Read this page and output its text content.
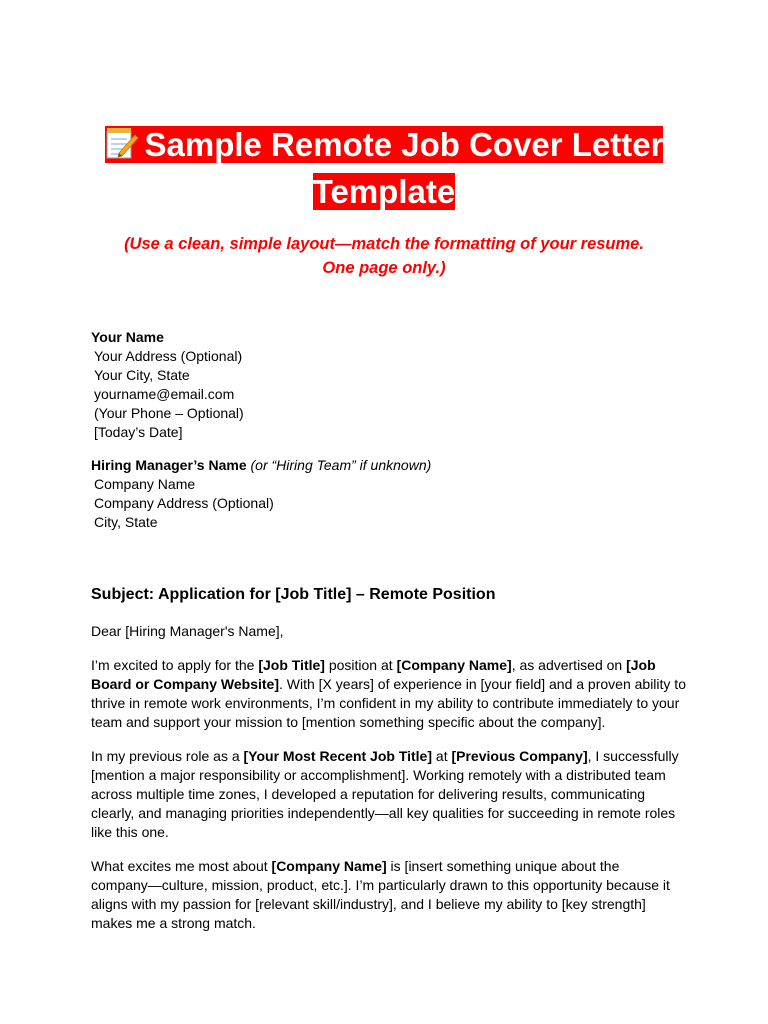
Sample Remote Job Cover Letter
Template
(Use a clean, simple layout—match the formatting of your resume.
One page only.)
Your Name
Your Address (Optional)
Your City, State
yourname@email.com
(Your Phone – Optional)
[Today’s Date]
Hiring Manager’s Name (or “Hiring Team” if unknown)
Company Name
Company Address (Optional)
City, State
Subject: Application for [Job Title] – Remote Position
Dear [Hiring Manager's Name],
I’m excited to apply for the [Job Title] position at [Company Name], as advertised on [Job
Board or Company Website]. With [X years] of experience in [your field] and a proven ability to
thrive in remote work environments, I’m confident in my ability to contribute immediately to your
team and support your mission to [mention something specific about the company].
In my previous role as a [Your Most Recent Job Title] at [Previous Company], I successfully
[mention a major responsibility or accomplishment]. Working remotely with a distributed team
across multiple time zones, I developed a reputation for delivering results, communicating
clearly, and managing priorities independently—all key qualities for succeeding in remote roles
like this one.
What excites me most about [Company Name] is [insert something unique about the
company—culture, mission, product, etc.]. I’m particularly drawn to this opportunity because it
aligns with my passion for [relevant skill/industry], and I believe my ability to [key strength]
makes me a strong match.
